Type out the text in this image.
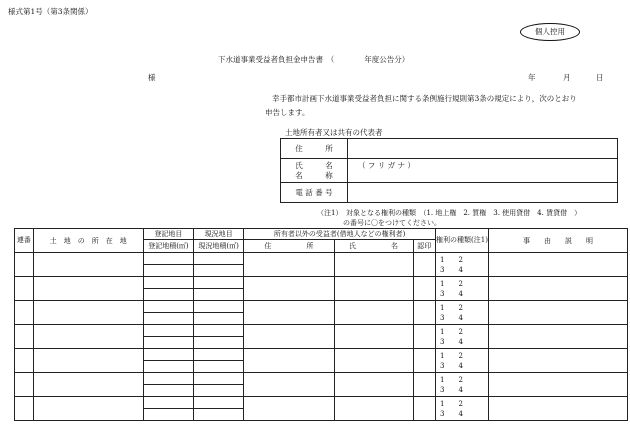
様式第1号（第3条関係）
個人控用
下水道事業受益者負担金申告書　（　　　　年度公告分）
様	年	月	日
幸手都市計画下水道事業受益者負担に関する条例施行規則第3条の規定により，次のとおり
申告します。
土地所有者又は共有の代表者
住　　　所	

氏　　　名
名　　　称	（ フ リ ガ ナ ）
電 話 番 号	
（注1）　対象となる権利の種類　（1. 地上権　2. 質権　3. 使用貸借　4. 賃貸借　）
の番号に〇をつけてください。
連番	土　地　の　所　在　地	登記地目	現況地目	所有者以外の受益者(借地人などの権利者)			権利の種類(注1)	事　　由　　説　　明
		登記地積(㎡)	現況地積(㎡)	住　　　　　所	氏　　　　　名	認印		

							1　　2
3　　4	

							1　　2
3　　4	

							1　　2
3　　4	

							1　　2
3　　4	

							1　　2
3　　4	

							1　　2
3　　4	

							1　　2
3　　4	
